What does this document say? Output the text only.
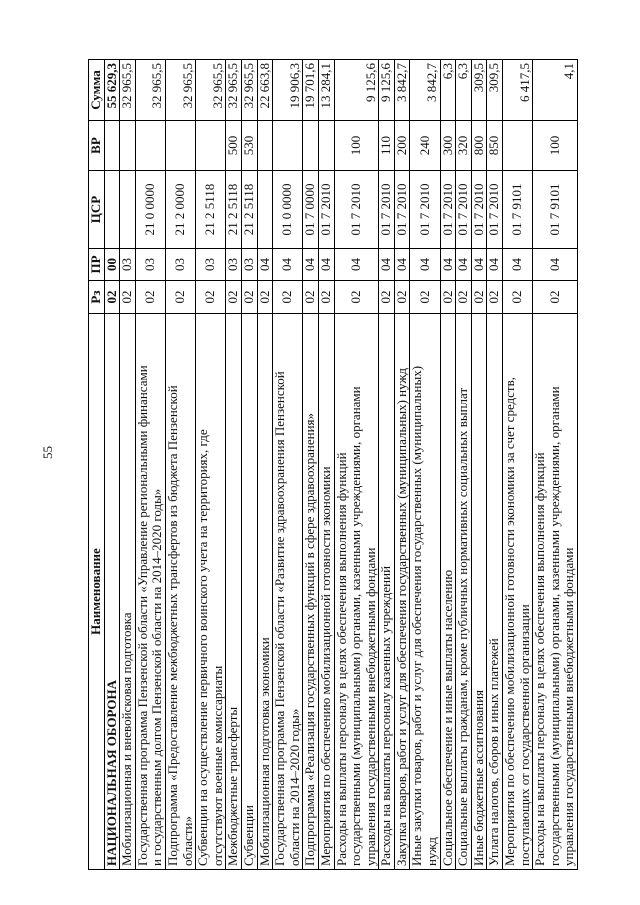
55
Наименование	Рз	ПР	ЦСР	ВР	Сумма
НАЦИОНАЛЬНАЯ ОБОРОНА	02	00			55 629,3
Мобилизационная и вневойсковая подготовка	02	03			32 965,5
Государственная программа Пензенской области «Управление региональными финансами
и государственным долгом Пензенской области на 2014–2020 годы»	02	03	21 0 0000		32 965,5
Подпрограмма «Предоставление межбюджетных трансфертов из бюджета Пензенской
области»	02	03	21 2 0000		32 965,5
Субвенции на осуществление первичного воинского учета на территориях, где
отсутствуют военные комиссариаты	02	03	21 2 5118		32 965,5
Межбюджетные трансферты	02	03	21 2 5118	500	32 965,5
Субвенции	02	03	21 2 5118	530	32 965,5
Мобилизационная подготовка экономики	02	04			22 663,8
Государственная программа Пензенской области «Развитие здравоохранения Пензенской
области на 2014–2020 годы»	02	04	01 0 0000		19 906,3
Подпрограмма «Реализация государственных функций в сфере здравоохранения»	02	04	01 7 0000		19 701,6
Мероприятия по обеспечению мобилизационной готовности экономики	02	04	01 7 2010		13 284,1
Расходы на выплаты персоналу в целях обеспечения выполнения функций
государственными (муниципальными) органами, казенными учреждениями, органами
управления государственными внебюджетными фондами	02	04	01 7 2010	100	9 125,6
Расходы на выплаты персоналу казенных учреждений	02	04	01 7 2010	110	9 125,6
Закупка товаров, работ и услуг для обеспечения государственных (муниципальных) нужд	02	04	01 7 2010	200	3 842,7
Иные закупки товаров, работ и услуг для обеспечения государственных (муниципальных)
нужд	02	04	01 7 2010	240	3 842,7
Социальное обеспечение и иные выплаты населению	02	04	01 7 2010	300	6,3
Социальные выплаты гражданам, кроме публичных нормативных социальных выплат	02	04	01 7 2010	320	6,3
Иные бюджетные ассигнования	02	04	01 7 2010	800	309,5
Уплата налогов, сборов и иных платежей	02	04	01 7 2010	850	309,5
Мероприятия по обеспечению мобилизационной готовности экономики за счет средств,
поступающих от государственной организации	02	04	01 7 9101		6 417,5
Расходы на выплаты персоналу в целях обеспечения выполнения функций
государственными (муниципальными) органами, казенными учреждениями, органами
управления государственными внебюджетными фондами	02	04	01 7 9101	100	4,1
